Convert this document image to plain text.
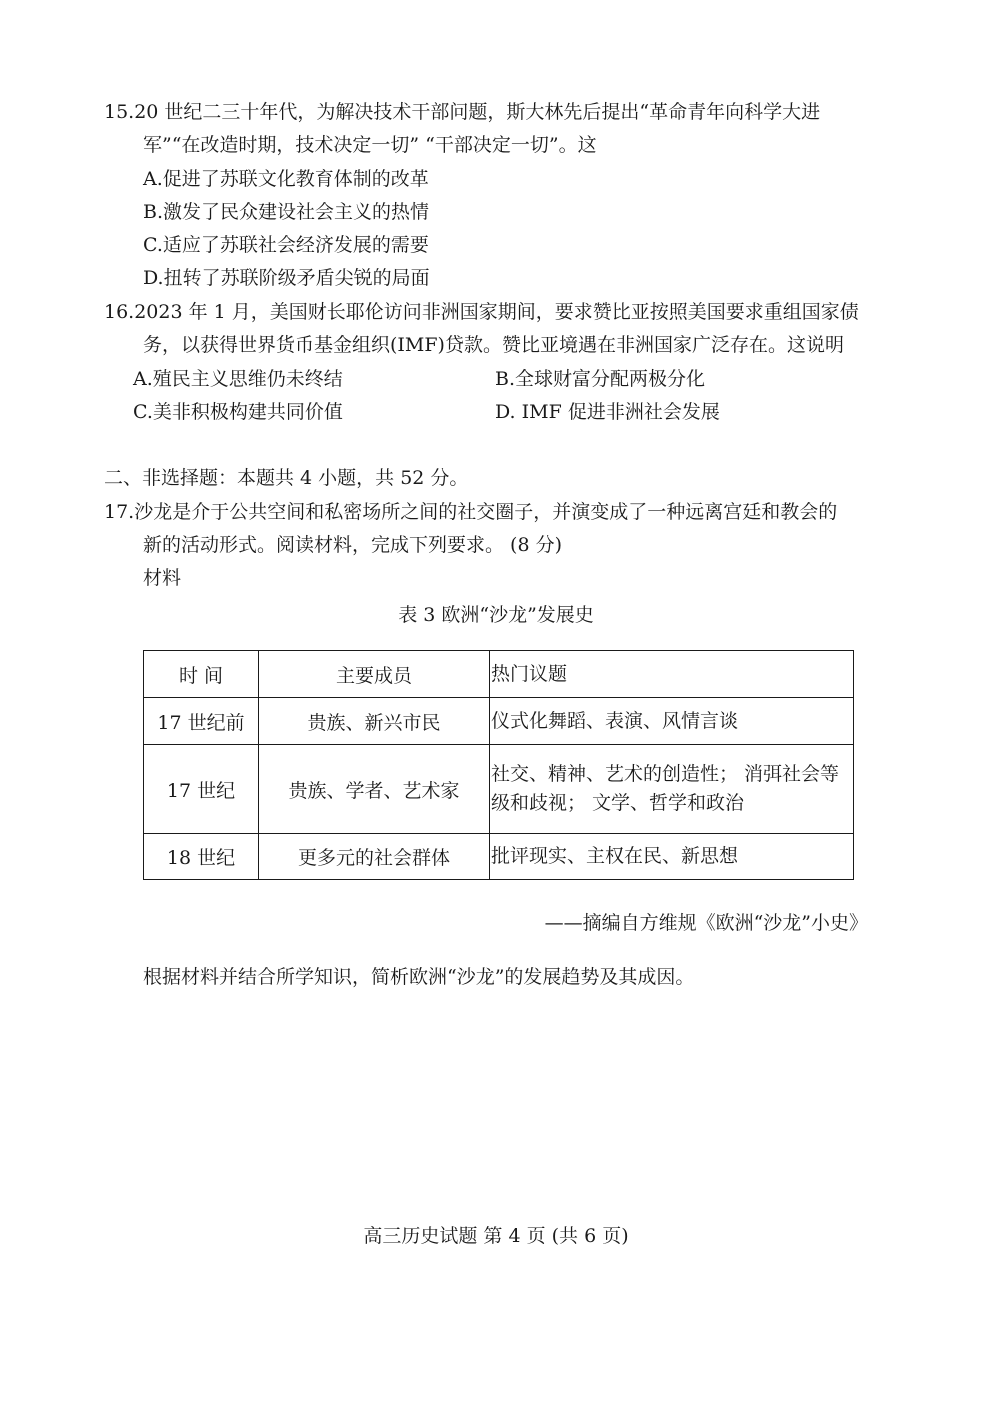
15.20 世纪二三十年代，为解决技术干部问题，斯大林先后提出“革命青年向科学大进
军”“在改造时期，技术决定一切” “干部决定一切”。这
A.促进了苏联文化教育体制的改革
B.激发了民众建设社会主义的热情
C.适应了苏联社会经济发展的需要
D.扭转了苏联阶级矛盾尖锐的局面
16.2023 年 1 月，美国财长耶伦访问非洲国家期间，要求赞比亚按照美国要求重组国家债
务，以获得世界货币基金组织(IMF)贷款。赞比亚境遇在非洲国家广泛存在。这说明
A.殖民主义思维仍未终结	B.全球财富分配两极分化
C.美非积极构建共同价值	D. IMF 促进非洲社会发展
二、非选择题：本题共 4 小题，共 52 分。
17.沙龙是介于公共空间和私密场所之间的社交圈子，并演变成了一种远离宫廷和教会的
新的活动形式。阅读材料，完成下列要求。 (8 分)
材料
表 3 欧洲“沙龙”发展史
时 间	主要成员	热门议题
17 世纪前	贵族、新兴市民	仪式化舞蹈、表演、风情言谈
17 世纪	贵族、学者、艺术家	社交、精神、艺术的创造性； 消弭社会等级和歧视； 文学、哲学和政治
18 世纪	更多元的社会群体	批评现实、主权在民、新思想
——摘编自方维规《欧洲“沙龙”小史》
根据材料并结合所学知识，简析欧洲“沙龙”的发展趋势及其成因。
高三历史试题 第 4 页 (共 6 页)
